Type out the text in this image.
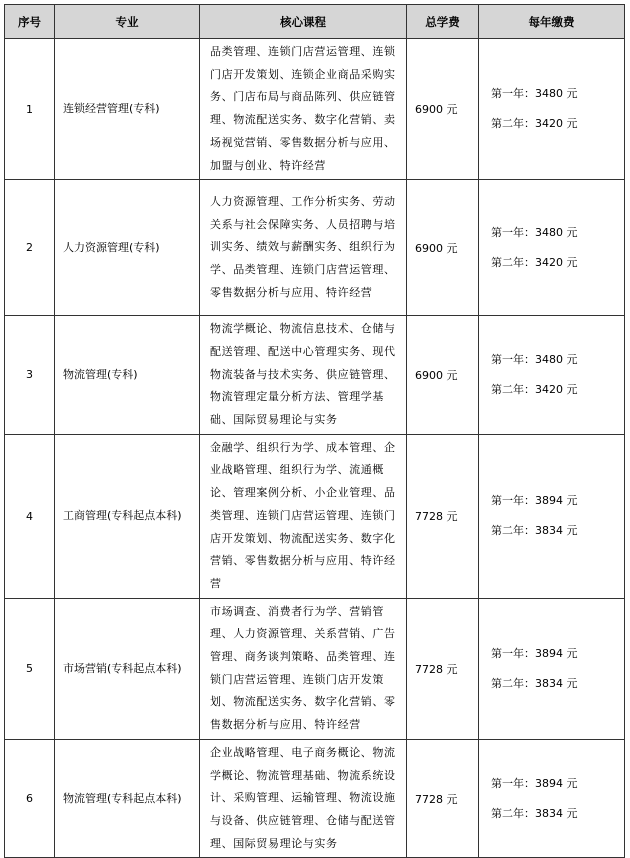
序号	专业	核心课程	总学费	每年缴费
1	连锁经营管理(专科)	品类管理、连锁门店营运管理、连锁门店开发策划、连锁企业商品采购实务、门店布局与商品陈列、供应链管理、物流配送实务、数字化营销、卖场视觉营销、零售数据分析与应用、加盟与创业、特许经营	6900 元	第一年：3480 元
第二年：3420 元

2	人力资源管理(专科)	人力资源管理、工作分析实务、劳动关系与社会保障实务、人员招聘与培训实务、绩效与薪酬实务、组织行为学、品类管理、连锁门店营运管理、零售数据分析与应用、特许经营	6900 元	第一年：3480 元
第二年：3420 元

3	物流管理(专科)	物流学概论、物流信息技术、仓储与配送管理、配送中心管理实务、现代物流装备与技术实务、供应链管理、物流管理定量分析方法、管理学基础、国际贸易理论与实务	6900 元	第一年：3480 元
第二年：3420 元

4	工商管理(专科起点本科)	金融学、组织行为学、成本管理、企业战略管理、组织行为学、流通概论、管理案例分析、小企业管理、品类管理、连锁门店营运管理、连锁门店开发策划、物流配送实务、数字化营销、零售数据分析与应用、特许经营	7728 元	第一年：3894 元
第二年：3834 元

5	市场营销(专科起点本科)	市场调查、消费者行为学、营销管理、人力资源管理、关系营销、广告管理、商务谈判策略、品类管理、连锁门店营运管理、连锁门店开发策划、物流配送实务、数字化营销、零售数据分析与应用、特许经营	7728 元	第一年：3894 元
第二年：3834 元

6	物流管理(专科起点本科)	企业战略管理、电子商务概论、物流学概论、物流管理基础、物流系统设计、采购管理、运输管理、物流设施与设备、供应链管理、仓储与配送管理、国际贸易理论与实务	7728 元	第一年：3894 元
第二年：3834 元
